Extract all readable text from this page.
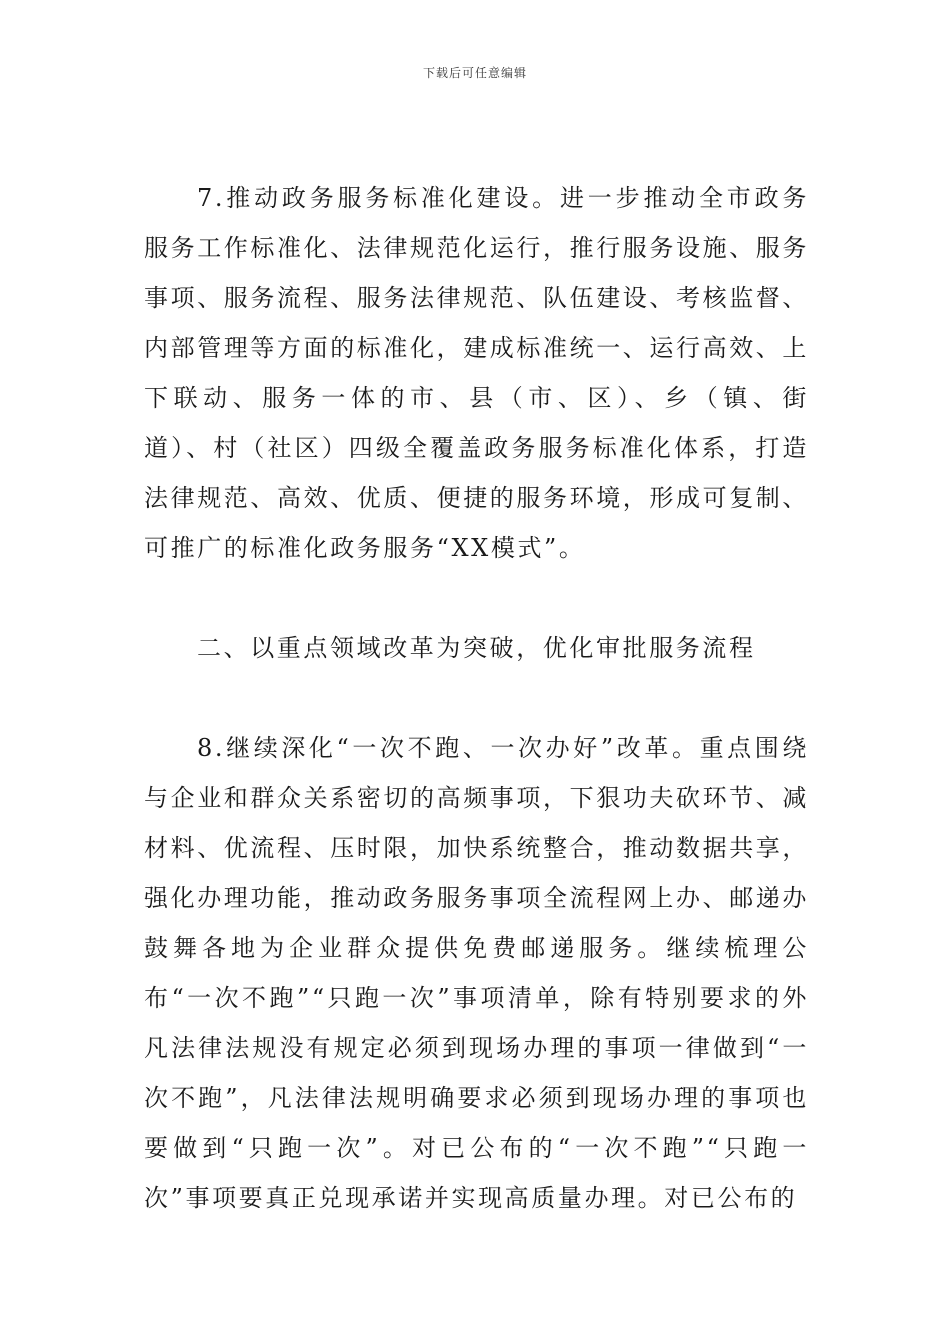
下载后可任意编辑

7.推动政务服务标准化建设。进一步推动全市政务服务工作标准化、法律规范化运行，推行服务设施、服务事项、服务流程、服务法律规范、队伍建设、考核监督、内部管理等方面的标准化，建成标准统一、运行高效、上下联动、服务一体的市、县（市、区）、乡（镇、街道）、村（社区）四级全覆盖政务服务标准化体系，打造法律规范、高效、优质、便捷的服务环境，形成可复制、可推广的标准化政务服务“XX模式”。

二、以重点领域改革为突破，优化审批服务流程

8.继续深化“一次不跑、一次办好”改革。重点围绕与企业和群众关系密切的高频事项，下狠功夫砍环节、减材料、优流程、压时限，加快系统整合，推动数据共享，强化办理功能，推动政务服务事项全流程网上办、邮递办鼓舞各地为企业群众提供免费邮递服务。继续梳理公布“一次不跑”“只跑一次”事项清单，除有特别要求的外凡法律法规没有规定必须到现场办理的事项一律做到“一次不跑”，凡法律法规明确要求必须到现场办理的事项也要做到“只跑一次”。对已公布的“一次不跑”“只跑一次”事项要真正兑现承诺并实现高质量办理。对已公布的
